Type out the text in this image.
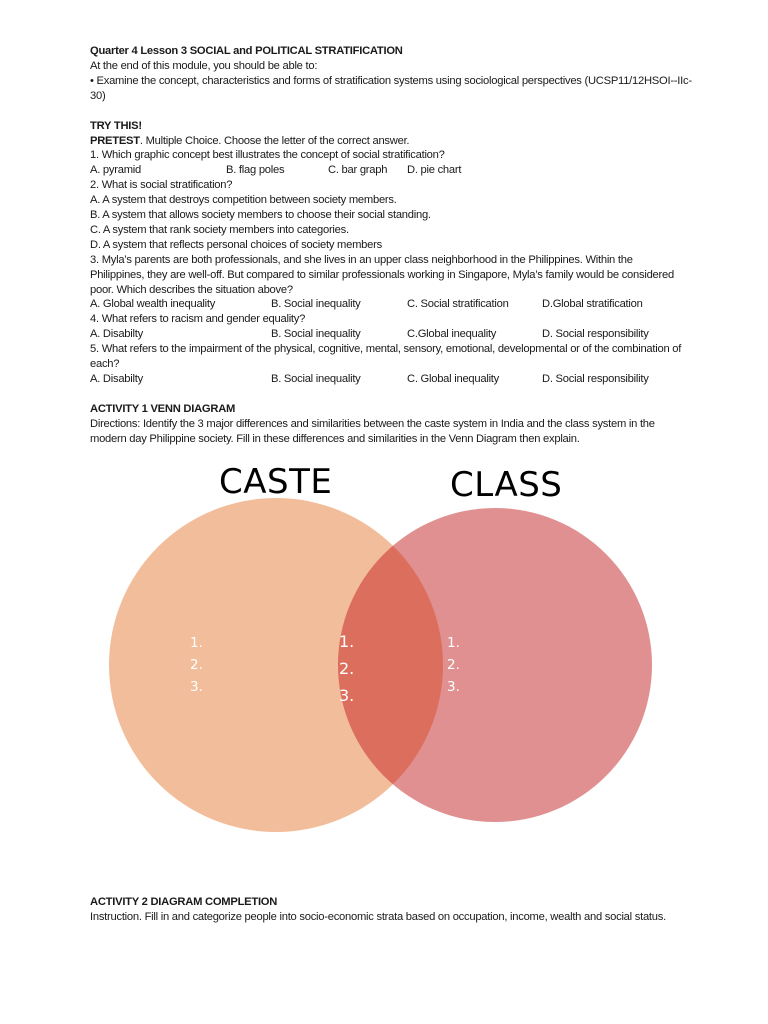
Quarter 4 Lesson 3 SOCIAL and POLITICAL STRATIFICATION
At the end of this module, you should be able to:
• Examine the concept, characteristics and forms of stratification systems using sociological perspectives (UCSP11/12HSOI--IIc-
30)
TRY THIS!
PRETEST. Multiple Choice. Choose the letter of the correct answer.
1. Which graphic concept best illustrates the concept of social stratification?
A. pyramid	B. flag poles	C. bar graph D. pie chart
2. What is social stratification?
A. A system that destroys competition between society members.
B. A system that allows society members to choose their social standing.
C. A system that rank society members into categories.
D. A system that reflects personal choices of society members
3. Myla’s parents are both professionals, and she lives in an upper class neighborhood in the Philippines. Within the
Philippines, they are well-off. But compared to similar professionals working in Singapore, Myla’s family would be considered
poor. Which describes the situation above?
A. Global wealth inequality	B. Social inequality	C. Social stratification	D.Global stratification
4. What refers to racism and gender equality?
A. Disabilty	B. Social inequality	C.Global inequality	D. Social responsibility
5. What refers to the impairment of the physical, cognitive, mental, sensory, emotional, developmental or of the combination of
each?
A. Disabilty	B. Social inequality	C. Global inequality	D. Social responsibility
ACTIVITY 1 VENN DIAGRAM
Directions: Identify the 3 major differences and similarities between the caste system in India and the class system in the
modern day Philippine society. Fill in these differences and similarities in the Venn Diagram then explain.
CASTE	CLASS
1.
2.
3.
1.
2.
3.
1.
2.
3.
ACTIVITY 2 DIAGRAM COMPLETION
Instruction. Fill in and categorize people into socio-economic strata based on occupation, income, wealth and social status.
